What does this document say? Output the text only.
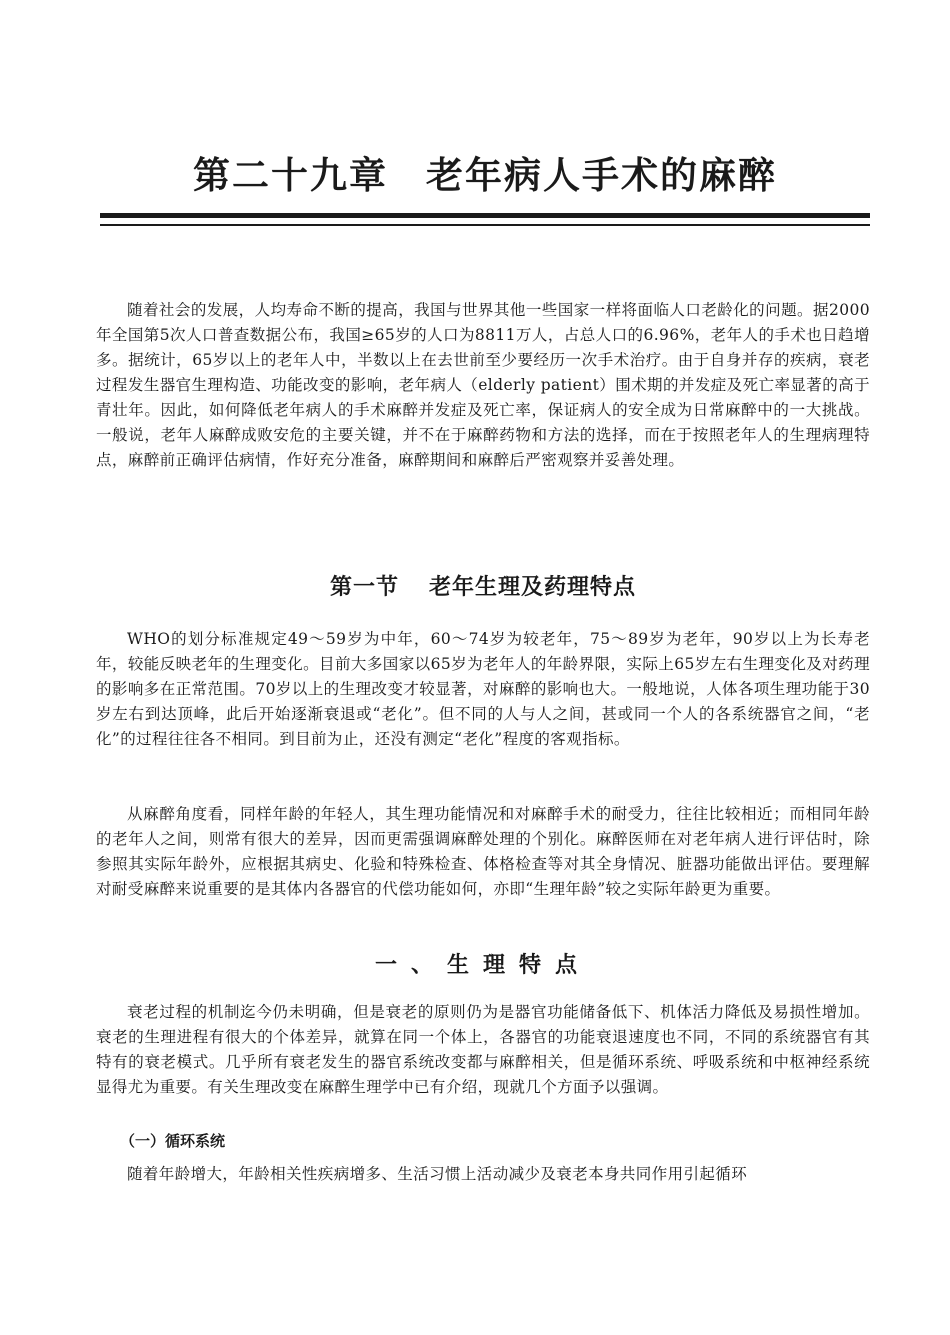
第二十九章 老年病人手术的麻醉

随着社会的发展，人均寿命不断的提高，我国与世界其他一些国家一样将面临人口老龄化的问题。据2000年全国第5次人口普查数据公布，我国≥65岁的人口为8811万人，占总人口的6.96%，老年人的手术也日趋增多。据统计，65岁以上的老年人中，半数以上在去世前至少要经历一次手术治疗。由于自身并存的疾病，衰老过程发生器官生理构造、功能改变的影响，老年病人（elderly patient）围术期的并发症及死亡率显著的高于青壮年。因此，如何降低老年病人的手术麻醉并发症及死亡率，保证病人的安全成为日常麻醉中的一大挑战。一般说，老年人麻醉成败安危的主要关键，并不在于麻醉药物和方法的选择，而在于按照老年人的生理病理特点，麻醉前正确评估病情，作好充分准备，麻醉期间和麻醉后严密观察并妥善处理。

第一节 老年生理及药理特点

WHO的划分标准规定49～59岁为中年，60～74岁为较老年，75～89岁为老年，90岁以上为长寿老年，较能反映老年的生理变化。目前大多国家以65岁为老年人的年龄界限，实际上65岁左右生理变化及对药理的影响多在正常范围。70岁以上的生理改变才较显著，对麻醉的影响也大。一般地说，人体各项生理功能于30岁左右到达顶峰，此后开始逐渐衰退或“老化”。但不同的人与人之间，甚或同一个人的各系统器官之间，“老化”的过程往往各不相同。到目前为止，还没有测定“老化”程度的客观指标。

从麻醉角度看，同样年龄的年轻人，其生理功能情况和对麻醉手术的耐受力，往往比较相近；而相同年龄的老年人之间，则常有很大的差异，因而更需强调麻醉处理的个别化。麻醉医师在对老年病人进行评估时，除参照其实际年龄外，应根据其病史、化验和特殊检查、体格检查等对其全身情况、脏器功能做出评估。要理解对耐受麻醉来说重要的是其体内各器官的代偿功能如何，亦即“生理年龄”较之实际年龄更为重要。

一、生理特点

衰老过程的机制迄今仍未明确，但是衰老的原则仍为是器官功能储备低下、机体活力降低及易损性增加。衰老的生理进程有很大的个体差异，就算在同一个体上，各器官的功能衰退速度也不同，不同的系统器官有其特有的衰老模式。几乎所有衰老发生的器官系统改变都与麻醉相关，但是循环系统、呼吸系统和中枢神经系统显得尤为重要。有关生理改变在麻醉生理学中已有介绍，现就几个方面予以强调。

（一）循环系统

随着年龄增大，年龄相关性疾病增多、生活习惯上活动减少及衰老本身共同作用引起循环
